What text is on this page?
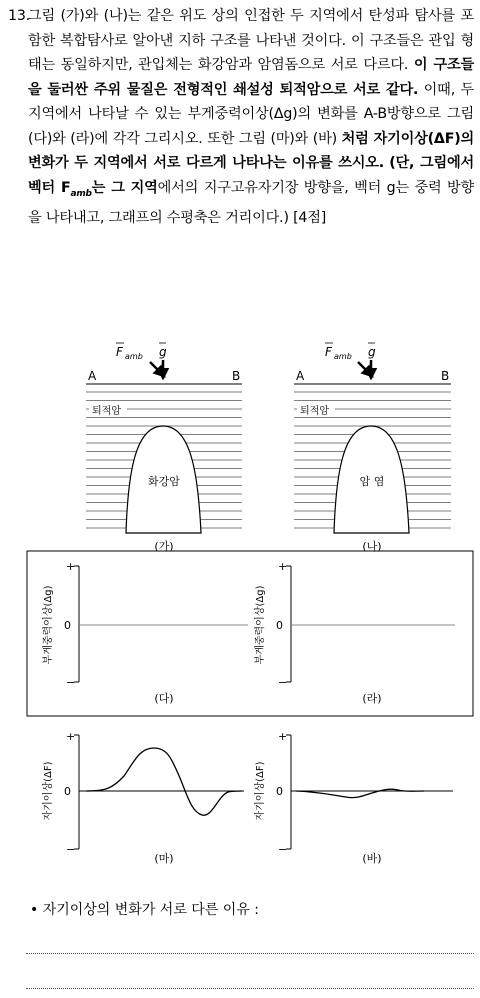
13.
그림 (가)와 (나)는 같은 위도 상의 인접한 두 지역에서 탄성파 탐사를 포함한 복합탐사로 알아낸 지하 구조를 나타낸 것이다. 이 구조들은 관입 형태는 동일하지만, 관입체는 화강암과 암염돔으로 서로 다르다. 이 구조들을 둘러싼 주위 물질은 전형적인 쇄설성 퇴적암으로 서로 같다. 이때, 두 지역에서 나타날 수 있는 부게중력이상(Δg)의 변화를 A-B방향으로 그림 (다)와 (라)에 각각 그리시오. 또한 그림 (마)와 (바) 처럼 자기이상(ΔF)의 변화가 두 지역에서 서로 다르게 나타나는 이유를 쓰시오. (단, 그림에서 벡터 $F_{amb}$는 그 지역에서의 지구고유자기장 방향을, 벡터 g는 중력 방향을 나타내고, 그래프의 수평축은 거리이다.) [4점]
A	B
F amb g
퇴적암
화강암
(가)
A	B
F amb g
퇴적암
암 염
(나)
+
0
−
부게중력이상(Δg)
(다)
+
0
−
부게중력이상(Δg)
(라)
+
0
−
자기이상(ΔF)
(마)
+
0
−
자기이상(ΔF)
(바)
• 자기이상의 변화가 서로 다른 이유 :
